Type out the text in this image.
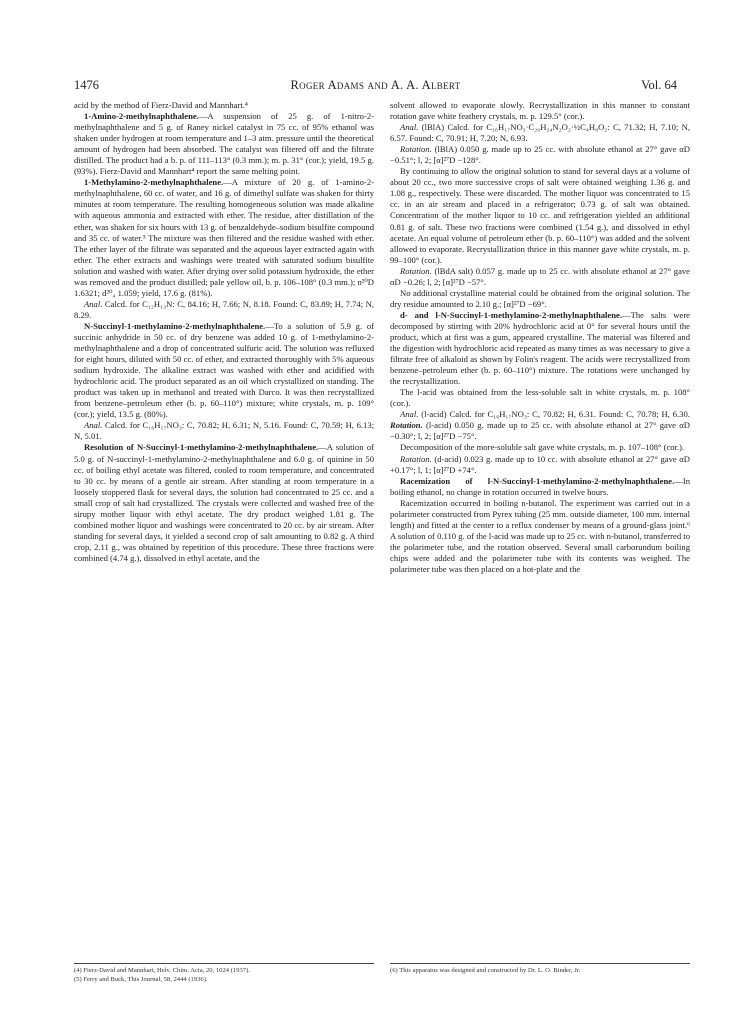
1476	Roger Adams and A. A. Albert	Vol. 64

acid by the method of Fierz-David and Mannhart.⁴

1-Amino-2-methylnaphthalene.—A suspension of 25 g. of 1-nitro-2-methylnaphthalene and 5 g. of Raney nickel catalyst in 75 cc. of 95% ethanol was shaken under hydrogen at room temperature and 1–3 atm. pressure until the theoretical amount of hydrogen had been absorbed. The catalyst was filtered off and the filtrate distilled. The product had a b. p. of 111–113° (0.3 mm.); m. p. 31° (cor.); yield, 19.5 g. (93%). Fierz-David and Mannhart⁴ report the same melting point.

1-Methylamino-2-methylnaphthalene.—A mixture of 20 g. of 1-amino-2-methylnaphthalene, 60 cc. of water, and 16 g. of dimethyl sulfate was shaken for thirty minutes at room temperature. The resulting homogeneous solution was made alkaline with aqueous ammonia and extracted with ether. The residue, after distillation of the ether, was shaken for six hours with 13 g. of benzaldehyde–sodium bisulfite compound and 35 cc. of water.⁵ The mixture was then filtered and the residue washed with ether. The ether layer of the filtrate was separated and the aqueous layer extracted again with ether. The ether extracts and washings were treated with saturated sodium bisulfite solution and washed with water. After drying over solid potassium hydroxide, the ether was removed and the product distilled; pale yellow oil, b. p. 106–108° (0.3 mm.); n²⁰D 1.6321; d²⁰₄ 1.059; yield, 17.6 g. (81%).

Anal. Calcd. for C₁₂H₁₃N: C, 84.16; H, 7.66; N, 8.18. Found: C, 83.89; H, 7.74; N, 8.29.

N-Succinyl-1-methylamino-2-methylnaphthalene.—To a solution of 5.9 g. of succinic anhydride in 50 cc. of dry benzene was added 10 g. of 1-methylamino-2-methylnaphthalene and a drop of concentrated sulfuric acid. The solution was refluxed for eight hours, diluted with 50 cc. of ether, and extracted thoroughly with 5% aqueous sodium hydroxide. The alkaline extract was washed with ether and acidified with hydrochloric acid. The product separated as an oil which crystallized on standing. The product was taken up in methanol and treated with Darco. It was then recrystallized from benzene–petroleum ether (b. p. 60–110°) mixture; white crystals, m. p. 109° (cor.); yield, 13.5 g. (80%).

Anal. Calcd. for C₁₆H₁₇NO₃: C, 70.82; H, 6.31; N, 5.16. Found: C, 70.59; H, 6.13; N, 5.01.

Resolution of N-Succinyl-1-methylamino-2-methylnaphthalene.—A solution of 5.0 g. of N-succinyl-1-methylamino-2-methylnaphthalene and 6.0 g. of quinine in 50 cc. of boiling ethyl acetate was filtered, cooled to room temperature, and concentrated to 30 cc. by means of a gentle air stream. After standing at room temperature in a loosely stoppered flask for several days, the solution had concentrated to 25 cc. and a small crop of salt had crystallized. The crystals were collected and washed free of the sirupy mother liquor with ethyl acetate. The dry product weighed 1.81 g. The combined mother liquor and washings were concentrated to 20 cc. by air stream. After standing for several days, it yielded a second crop of salt amounting to 0.82 g. A third crop, 2.11 g., was obtained by repetition of this procedure. These three fractions were combined (4.74 g.), dissolved in ethyl acetate, and the

solvent allowed to evaporate slowly. Recrystallization in this manner to constant rotation gave white feathery crystals, m. p. 129.5° (cor.).

Anal. (lBlA) Calcd. for C₁₆H₁₇NO₃·C₂₀H₂₄N₂O₂·½C₄H₈O₂: C, 71.32; H, 7.10; N, 6.57. Found: C, 70.91; H, 7.20; N, 6.93.

Rotation. (lBlA) 0.050 g. made up to 25 cc. with absolute ethanol at 27° gave αD −0.51°; l, 2; [α]²⁷D −128°.

By continuing to allow the original solution to stand for several days at a volume of about 20 cc., two more successive crops of salt were obtained weighing 1.36 g. and 1.08 g., respectively. These were discarded. The mother liquor was concentrated to 15 cc. in an air stream and placed in a refrigerator; 0.73 g. of salt was obtained. Concentration of the mother liquor to 10 cc. and refrigeration yielded an additional 0.81 g. of salt. These two fractions were combined (1.54 g.), and dissolved in ethyl acetate. An equal volume of petroleum ether (b. p. 60–110°) was added and the solvent allowed to evaporate. Recrystallization thrice in this manner gave white crystals, m. p. 99–100° (cor.).

Rotation. (lBdA salt) 0.057 g. made up to 25 cc. with absolute ethanol at 27° gave αD −0.26; l, 2; [α]²⁷D −57°.

No additional crystalline material could be obtained from the original solution. The dry residue amounted to 2.10 g.; [α]²⁷D −69°.

d- and l-N-Succinyl-1-methylamino-2-methylnaphthalene.—The salts were decomposed by stirring with 20% hydrochloric acid at 0° for several hours until the product, which at first was a gum, appeared crystalline. The material was filtered and the digestion with hydrochloric acid repeated as many times as was necessary to give a filtrate free of alkaloid as shown by Folin's reagent. The acids were recrystallized from benzene–petroleum ether (b. p. 60–110°) mixture. The rotations were unchanged by the recrystallization.

The l-acid was obtained from the less-soluble salt in white crystals, m. p. 108° (cor.).

Anal. (l-acid) Calcd. for C₁₆H₁₇NO₃: C, 70.82; H, 6.31. Found: C, 70.78; H, 6.30. Rotation. (l-acid) 0.050 g. made up to 25 cc. with absolute ethanol at 27° gave αD −0.30°; l, 2; [α]²⁷D −75°.

Decomposition of the more-soluble salt gave white crystals, m. p. 107–108° (cor.).

Rotation. (d-acid) 0.023 g. made up to 10 cc. with absolute ethanol at 27° gave αD +0.17°; l, 1; [α]²⁷D +74°.

Racemization of l-N-Succinyl-1-methylamino-2-methylnaphthalene.—In boiling ethanol, no change in rotation occurred in twelve hours.

Racemization occurred in boiling n-butanol. The experiment was carried out in a polarimeter constructed from Pyrex tubing (25 mm. outside diameter, 100 mm. internal length) and fitted at the center to a reflux condenser by means of a ground-glass joint.⁶ A solution of 0.110 g. of the l-acid was made up to 25 cc. with n-butanol, transferred to the polarimeter tube, and the rotation observed. Several small carborundum boiling chips were added and the polarimeter tube with its contents was weighed. The polarimeter tube was then placed on a hot-plate and the

(4) Fierz-David and Mannhart, Helv. Chim. Acta, 20, 1024 (1937).
(5) Ferry and Buck, This Journal, 58, 2444 (1936).
(6) This apparatus was designed and constructed by Dr. L. O. Binder, Jr.
